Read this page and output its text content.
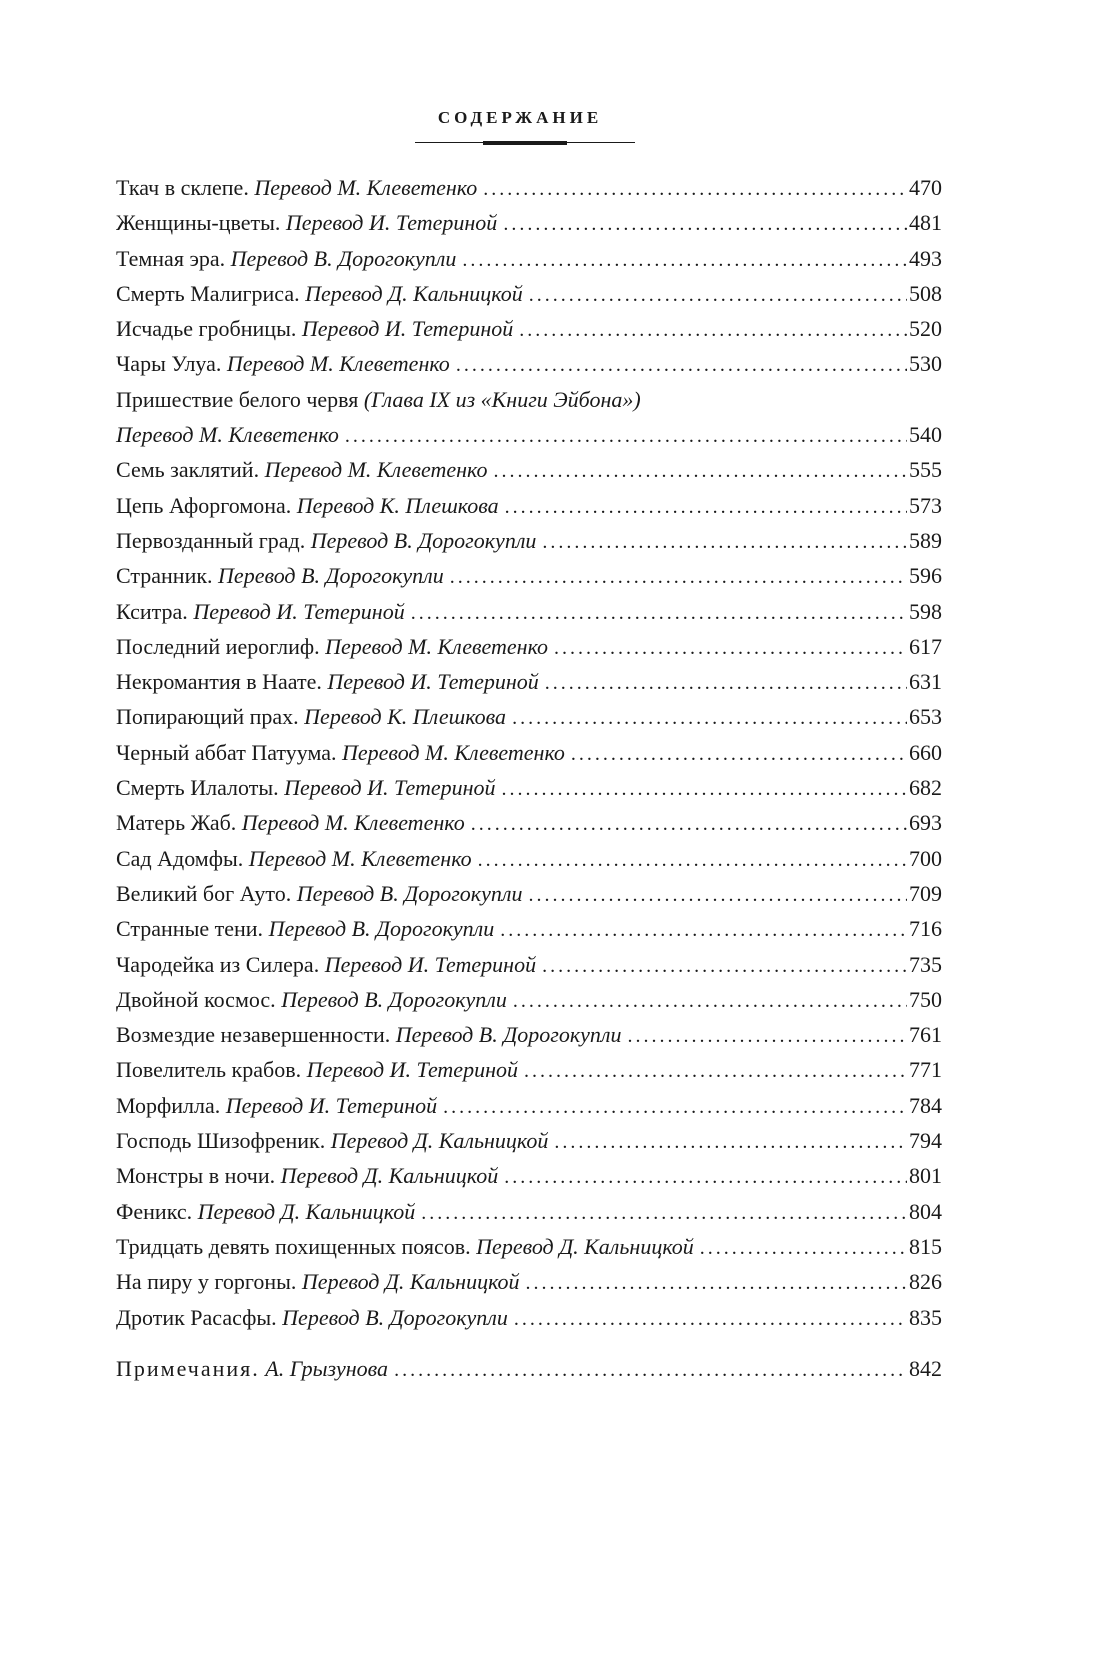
СОДЕРЖАНИЕ
Ткач в склепе. Перевод М. Клеветенко . . .	470
Женщины-цветы. Перевод И. Тетериной . . .	481
Темная эра. Перевод В. Дорогокупли . . .	493
Смерть Малигриса. Перевод Д. Кальницкой . . .	508
Исчадье гробницы. Перевод И. Тетериной . . .	520
Чары Улуа. Перевод М. Клеветенко . . .	530
Пришествие белого червя (Глава IX из «Книги Эйбона»)
Перевод М. Клеветенко . . .	540
Семь заклятий. Перевод М. Клеветенко . . .	555
Цепь Афоргомона. Перевод К. Плешкова . . .	573
Первозданный град. Перевод В. Дорогокупли . . .	589
Странник. Перевод В. Дорогокупли . . .	596
Кситра. Перевод И. Тетериной . . .	598
Последний иероглиф. Перевод М. Клеветенко . . .	617
Некромантия в Наате. Перевод И. Тетериной . . .	631
Попирающий прах. Перевод К. Плешкова . . .	653
Черный аббат Патуума. Перевод М. Клеветенко . . .	660
Смерть Илалоты. Перевод И. Тетериной . . .	682
Матерь Жаб. Перевод М. Клеветенко . . .	693
Сад Адомфы. Перевод М. Клеветенко . . .	700
Великий бог Ауто. Перевод В. Дорогокупли . . .	709
Странные тени. Перевод В. Дорогокупли . . .	716
Чародейка из Силера. Перевод И. Тетериной . . .	735
Двойной космос. Перевод В. Дорогокупли . . .	750
Возмездие незавершенности. Перевод В. Дорогокупли . . .	761
Повелитель крабов. Перевод И. Тетериной . . .	771
Морфилла. Перевод И. Тетериной . . .	784
Господь Шизофреник. Перевод Д. Кальницкой . . .	794
Монстры в ночи. Перевод Д. Кальницкой . . .	801
Феникс. Перевод Д. Кальницкой . . .	804
Тридцать девять похищенных поясов. Перевод Д. Кальницкой . . .	815
На пиру у горгоны. Перевод Д. Кальницкой . . .	826
Дротик Расасфы. Перевод В. Дорогокупли . . .	835
Примечания. А. Грызунова . . .	842
